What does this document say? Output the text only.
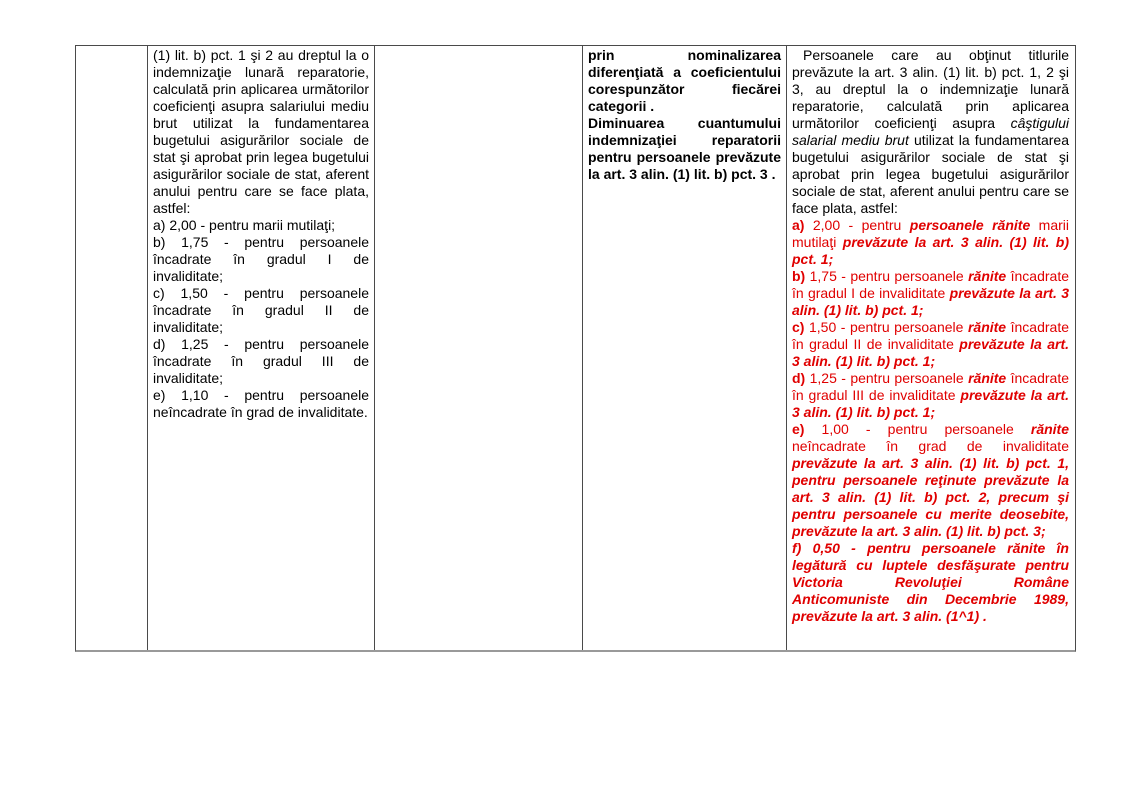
(1) lit. b) pct. 1 şi 2 au dreptul la o indemnizaţie lunară reparatorie, calculată prin aplicarea următorilor coeficienţi asupra salariului mediu brut utilizat la fundamentarea bugetului asigurărilor sociale de stat şi aprobat prin legea bugetului asigurărilor sociale de stat, aferent anului pentru care se face plata, astfel:
a) 2,00 - pentru marii mutilaţi;
b) 1,75 - pentru persoanele încadrate în gradul I de invaliditate;
c) 1,50 - pentru persoanele încadrate în gradul II de invaliditate;
d) 1,25 - pentru persoanele încadrate în gradul III de invaliditate;
e) 1,10 - pentru persoanele neîncadrate în grad de invaliditate.
prin nominalizarea diferenţiată a coeficientului corespunzător fiecărei categorii .
Diminuarea cuantumului indemnizaţiei reparatorii pentru persoanele prevăzute la art. 3 alin. (1) lit. b) pct. 3 .
Persoanele care au obţinut titlurile prevăzute la art. 3 alin. (1) lit. b) pct. 1, 2 şi 3, au dreptul la o indemnizaţie lunară reparatorie, calculată prin aplicarea următorilor coeficienţi asupra câştigului salarial mediu brut utilizat la fundamentarea bugetului asigurărilor sociale de stat şi aprobat prin legea bugetului asigurărilor sociale de stat, aferent anului pentru care se face plata, astfel:
a) 2,00 - pentru persoanele rănite marii mutilaţi prevăzute la art. 3 alin. (1) lit. b) pct. 1;
b) 1,75 - pentru persoanele rănite încadrate în gradul I de invaliditate prevăzute la art. 3 alin. (1) lit. b) pct. 1;
c) 1,50 - pentru persoanele rănite încadrate în gradul II de invaliditate prevăzute la art. 3 alin. (1) lit. b) pct. 1;
d) 1,25 - pentru persoanele rănite încadrate în gradul III de invaliditate prevăzute la art. 3 alin. (1) lit. b) pct. 1;
e) 1,00 - pentru persoanele rănite neîncadrate în grad de invaliditate prevăzute la art. 3 alin. (1) lit. b) pct. 1, pentru persoanele reţinute prevăzute la art. 3 alin. (1) lit. b) pct. 2, precum şi pentru persoanele cu merite deosebite, prevăzute la art. 3 alin. (1) lit. b) pct. 3;
f) 0,50 - pentru persoanele rănite în legătură cu luptele desfăşurate pentru Victoria Revoluţiei Române Anticomuniste din Decembrie 1989, prevăzute la art. 3 alin. (1^1) .
